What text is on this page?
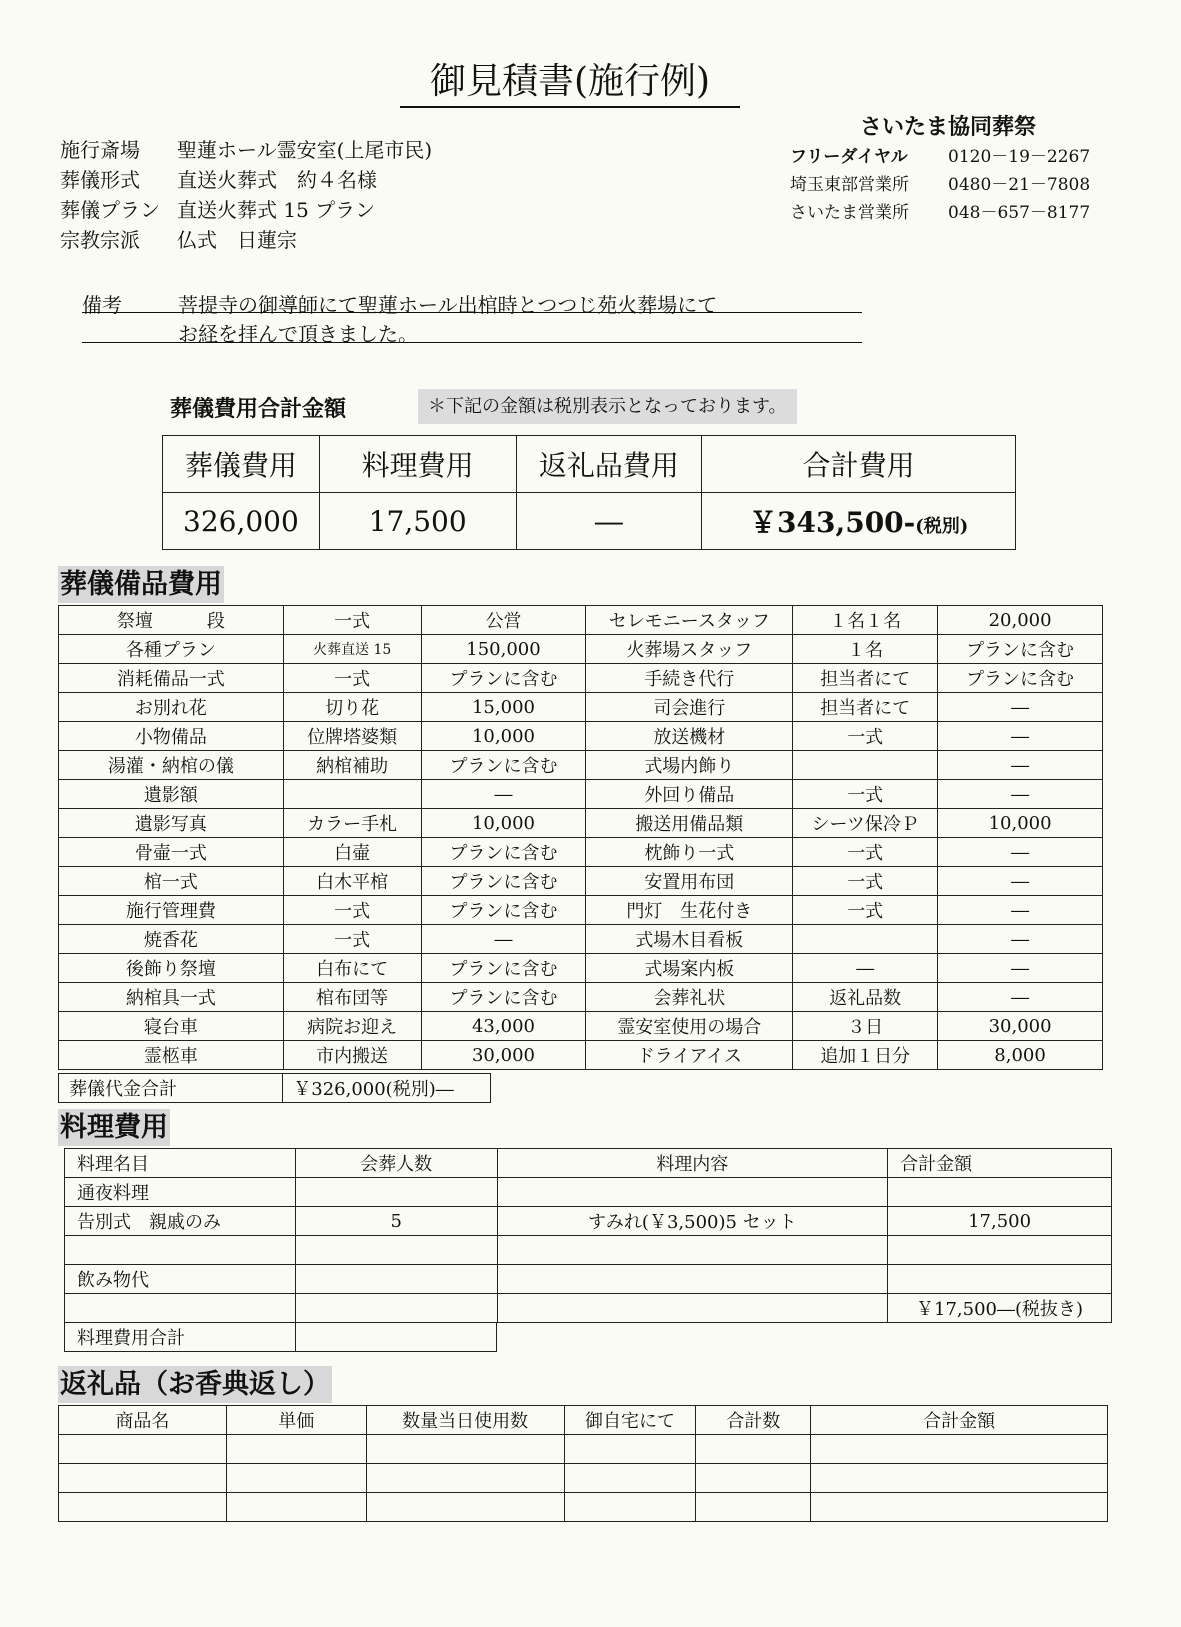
御見積書(施行例)
さいたま協同葬祭
フリーダイヤル	0120－19－2267
埼玉東部営業所	0480－21－7808
さいたま営業所	048－657－8177
施行斎場	聖蓮ホール霊安室(上尾市民)
葬儀形式	直送火葬式　約４名様
葬儀プラン 直送火葬式 15 プラン
宗教宗派	仏式　日蓮宗
備考	菩提寺の御導師にて聖蓮ホール出棺時とつつじ苑火葬場にて
お経を拝んで頂きました。
葬儀費用合計金額	＊下記の金額は税別表示となっております。
葬儀費用	料理費用	返礼品費用	合計費用
326,000	17,500	―	￥343,500-(税別)
葬儀備品費用
祭壇　　　段	一式	公営	セレモニースタッフ	１名１名	20,000
各種プラン	火葬直送 15	150,000	火葬場スタッフ	１名	プランに含む
消耗備品一式	一式	プランに含む	手続き代行	担当者にて	プランに含む
お別れ花	切り花	15,000	司会進行	担当者にて	―
小物備品	位牌塔婆類	10,000	放送機材	一式	―
湯灌・納棺の儀	納棺補助	プランに含む	式場内飾り		―
遺影額		―	外回り備品	一式	―
遺影写真	カラー手札	10,000	搬送用備品類	シーツ保冷Ｐ	10,000
骨壷一式	白壷	プランに含む	枕飾り一式	一式	―
棺一式	白木平棺	プランに含む	安置用布団	一式	―
施行管理費	一式	プランに含む	門灯　生花付き	一式	―
焼香花	一式	―	式場木目看板		―
後飾り祭壇	白布にて	プランに含む	式場案内板	―	―
納棺具一式	棺布団等	プランに含む	会葬礼状	返礼品数	―
寝台車	病院お迎え	43,000	霊安室使用の場合	３日	30,000
霊柩車	市内搬送	30,000	ドライアイス	追加１日分	8,000
葬儀代金合計	￥326,000(税別)―
料理費用
料理名目	会葬人数	料理内容	合計金額
通夜料理			
告別式　親戚のみ	5	すみれ(￥3,500)5 セット	17,500

飲み物代			
			￥17,500―(税抜き)
料理費用合計	
返礼品（お香典返し）
商品名	単価	数量当日使用数	御自宅にて	合計数	合計金額
